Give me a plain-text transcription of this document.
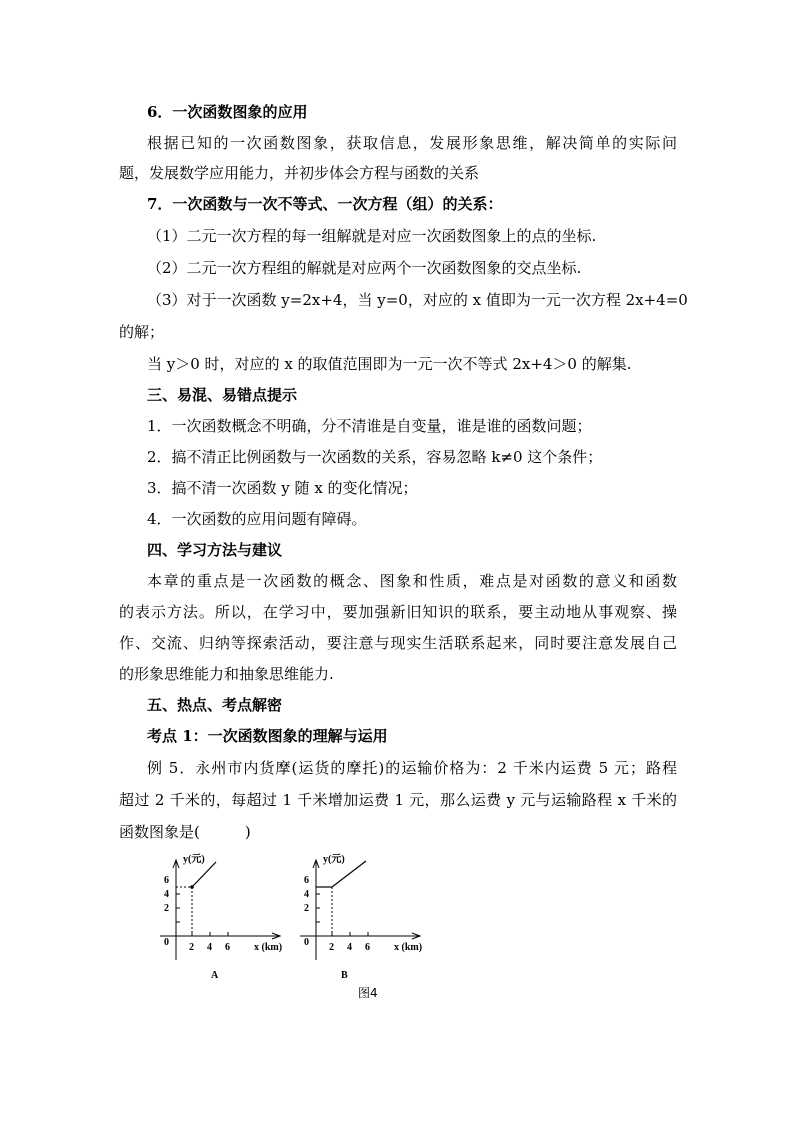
6．一次函数图象的应用
根据已知的一次函数图象，获取信息，发展形象思维，解决简单的实际问
题，发展数学应用能力，并初步体会方程与函数的关系
7．一次函数与一次不等式、一次方程（组）的关系：
（1）二元一次方程的每一组解就是对应一次函数图象上的点的坐标.
（2）二元一次方程组的解就是对应两个一次函数图象的交点坐标.
（3）对于一次函数 y=2x+4，当 y=0，对应的 x 值即为一元一次方程 2x+4=0
的解；
当 y＞0 时，对应的 x 的取值范围即为一元一次不等式 2x+4＞0 的解集.
三、易混、易错点提示
1．一次函数概念不明确，分不清谁是自变量，谁是谁的函数问题；
2．搞不清正比例函数与一次函数的关系，容易忽略 k≠0 这个条件；
3．搞不清一次函数 y 随 x 的变化情况；
4．一次函数的应用问题有障碍。
四、学习方法与建议
本章的重点是一次函数的概念、图象和性质，难点是对函数的意义和函数
的表示方法。所以，在学习中，要加强新旧知识的联系，要主动地从事观察、操
作、交流、归纳等探索活动，要注意与现实生活联系起来，同时要注意发展自己
的形象思维能力和抽象思维能力.
五、热点、考点解密
考点 1：一次函数图象的理解与运用
例 5．永州市内货摩(运货的摩托)的运输价格为：2 千米内运费 5 元；路程
超过 2 千米的，每超过 1 千米增加运费 1 元，那么运费 y 元与运输路程 x 千米的
函数图象是(　　　)
y(元)
6
4
2
0 2 4 6 x (km)
A
y(元)
6
4
2
0 2 4 6 x (km)
B
图4
